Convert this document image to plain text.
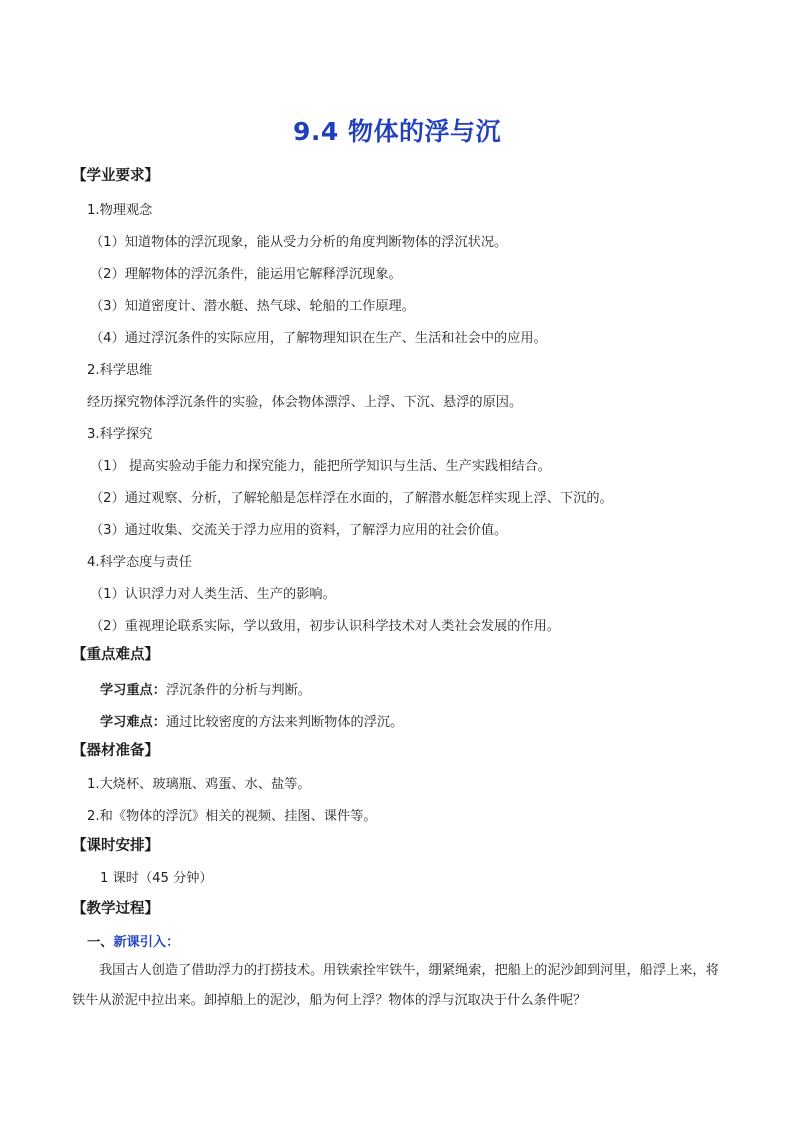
9.4 物体的浮与沉
【学业要求】
1.物理观念
（1）知道物体的浮沉现象，能从受力分析的角度判断物体的浮沉状况。
（2）理解物体的浮沉条件，能运用它解释浮沉现象。
（3）知道密度计、潜水艇、热气球、轮船的工作原理。
（4）通过浮沉条件的实际应用，了解物理知识在生产、生活和社会中的应用。
2.科学思维
经历探究物体浮沉条件的实验，体会物体漂浮、上浮、下沉、悬浮的原因。
3.科学探究
（1） 提高实验动手能力和探究能力，能把所学知识与生活、生产实践相结合。
（2）通过观察、分析，了解轮船是怎样浮在水面的，了解潜水艇怎样实现上浮、下沉的。
（3）通过收集、交流关于浮力应用的资料，了解浮力应用的社会价值。
4.科学态度与责任
（1）认识浮力对人类生活、生产的影响。
（2）重视理论联系实际，学以致用，初步认识科学技术对人类社会发展的作用。
【重点难点】
学习重点：浮沉条件的分析与判断。
学习难点：通过比较密度的方法来判断物体的浮沉。
【器材准备】
1.大烧杯、玻璃瓶、鸡蛋、水、盐等。
2.和《物体的浮沉》相关的视频、挂图、课件等。
【课时安排】
1 课时（45 分钟）
【教学过程】
一、新课引入：
我国古人创造了借助浮力的打捞技术。用铁索拴牢铁牛，绷紧绳索，把船上的泥沙卸到河里，船浮上来，将铁牛从淤泥中拉出来。卸掉船上的泥沙，船为何上浮？物体的浮与沉取决于什么条件呢？
